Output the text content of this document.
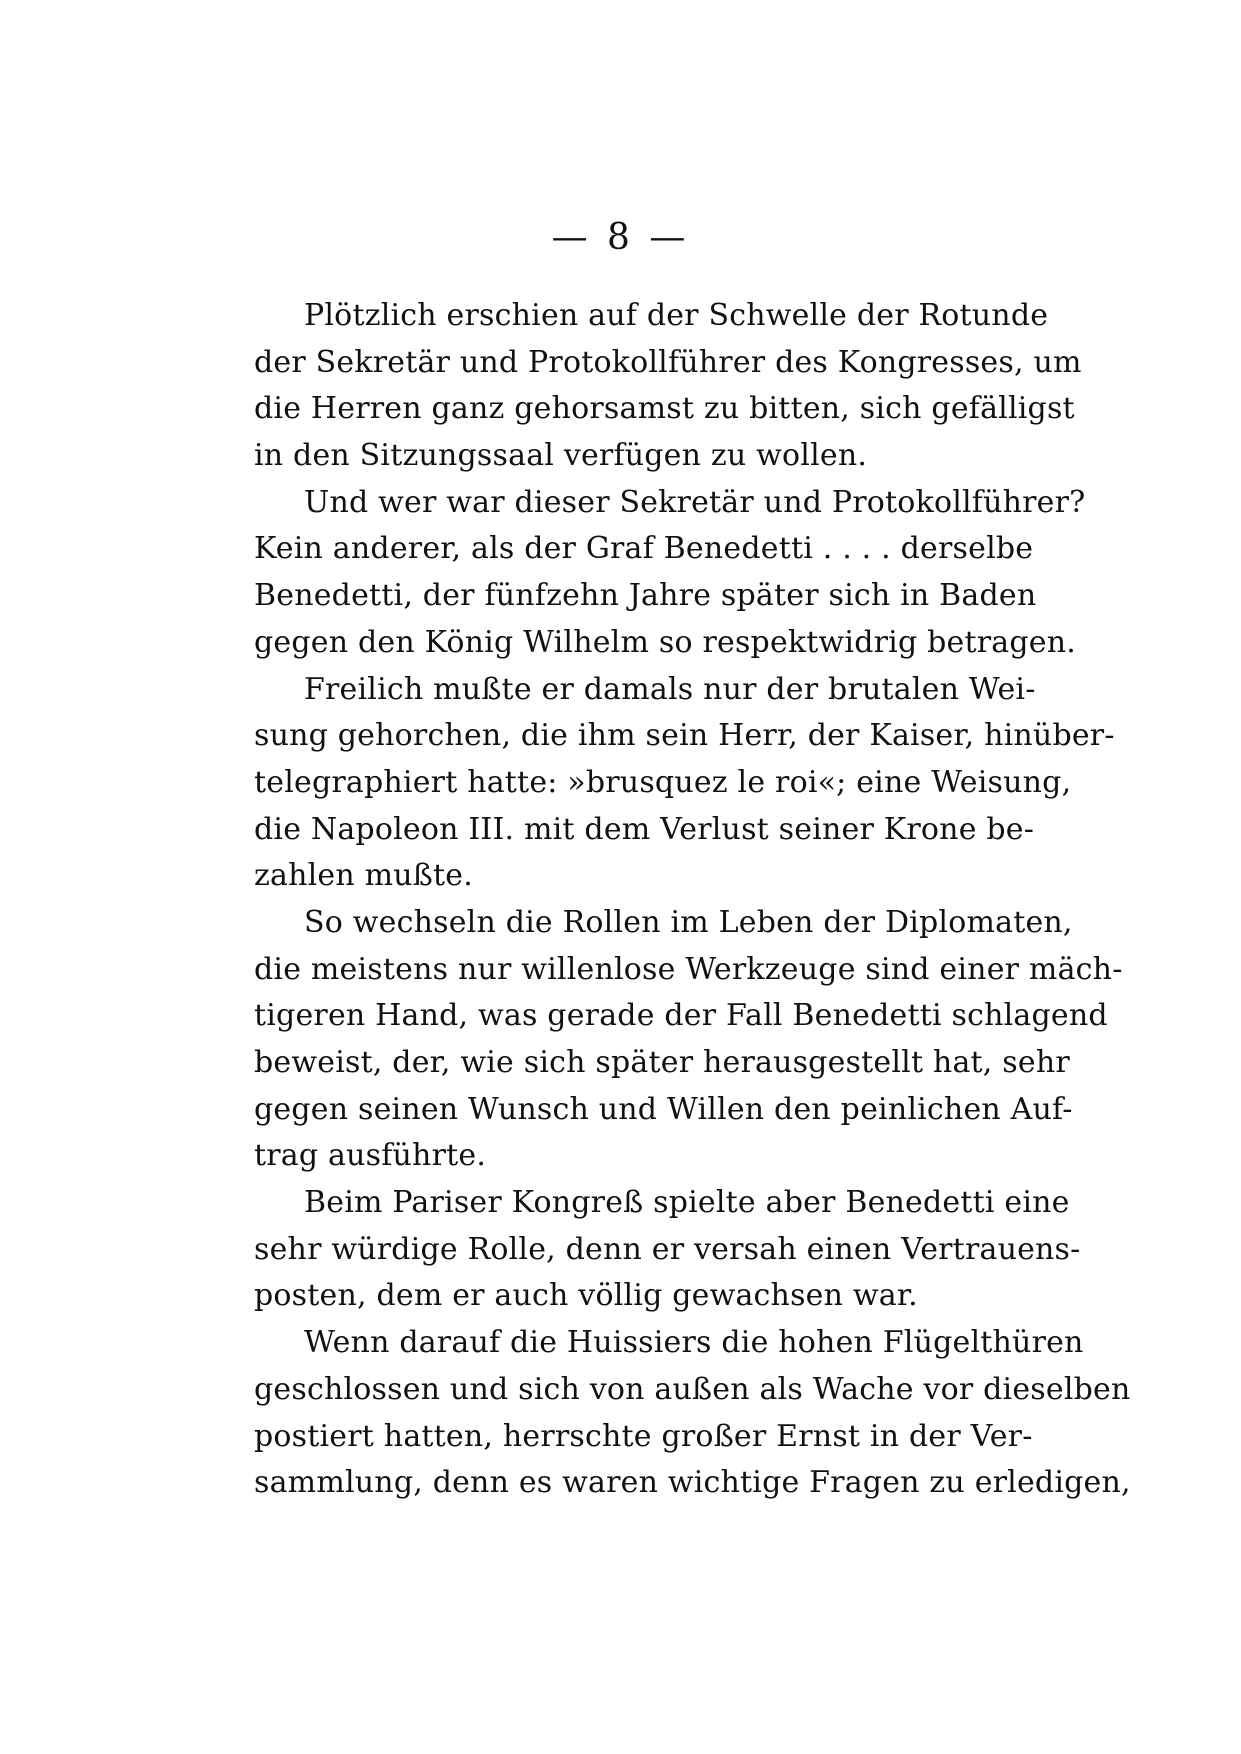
— 8 —
Plötzlich erschien auf der Schwelle der Rotunde
der Sekretär und Protokollführer des Kongresses, um
die Herren ganz gehorsamst zu bitten, sich gefälligst
in den Sitzungssaal verfügen zu wollen.
Und wer war dieser Sekretär und Protokollführer?
Kein anderer, als der Graf Benedetti . . . . derselbe
Benedetti, der fünfzehn Jahre später sich in Baden
gegen den König Wilhelm so respektwidrig betragen.
Freilich mußte er damals nur der brutalen Wei-
sung gehorchen, die ihm sein Herr, der Kaiser, hinüber-
telegraphiert hatte: »brusquez le roi«; eine Weisung,
die Napoleon III. mit dem Verlust seiner Krone be-
zahlen mußte.
So wechseln die Rollen im Leben der Diplomaten,
die meistens nur willenlose Werkzeuge sind einer mäch-
tigeren Hand, was gerade der Fall Benedetti schlagend
beweist, der, wie sich später herausgestellt hat, sehr
gegen seinen Wunsch und Willen den peinlichen Auf-
trag ausführte.
Beim Pariser Kongreß spielte aber Benedetti eine
sehr würdige Rolle, denn er versah einen Vertrauens-
posten, dem er auch völlig gewachsen war.
Wenn darauf die Huissiers die hohen Flügelthüren
geschlossen und sich von außen als Wache vor dieselben
postiert hatten, herrschte großer Ernst in der Ver-
sammlung, denn es waren wichtige Fragen zu erledigen,
